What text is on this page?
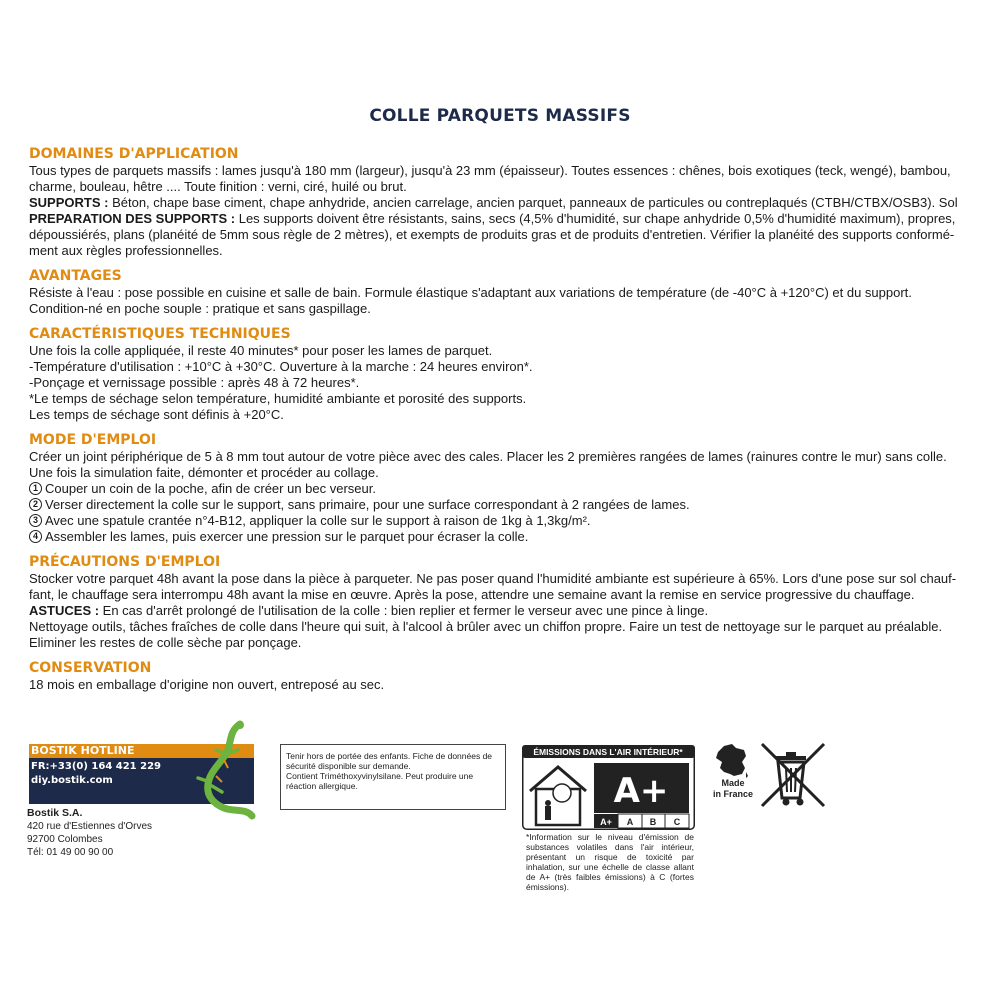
COLLE PARQUETS MASSIFS
DOMAINES D'APPLICATION

Tous types de parquets massifs : lames jusqu'à 180 mm (largeur), jusqu'à 23 mm (épaisseur). Toutes essences : chênes, bois exotiques (teck, wengé), bambou, charme, bouleau, hêtre .... Toute finition : verni, ciré, huilé ou brut.

SUPPORTS : Béton, chape base ciment, chape anhydride, ancien carrelage, ancien parquet, panneaux de particules ou contreplaqués (CTBH/CTBX/OSB3). Sol

PREPARATION DES SUPPORTS : Les supports doivent être résistants, sains, secs (4,5% d'humidité, sur chape anhydride 0,5% d'humidité maximum), propres, dépoussiérés, plans (planéité de 5mm sous règle de 2 mètres), et exempts de produits gras et de produits d'entretien. Vérifier la planéité des supports conformé-ment aux règles professionnelles.

AVANTAGES

Résiste à l'eau : pose possible en cuisine et salle de bain. Formule élastique s'adaptant aux variations de température (de -40°C à +120°C) et du support. Condition-né en poche souple : pratique et sans gaspillage.

CARACTÉRISTIQUES TECHNIQUES

Une fois la colle appliquée, il reste 40 minutes* pour poser les lames de parquet.

-Température d'utilisation : +10°C à +30°C. Ouverture à la marche : 24 heures environ*.

-Ponçage et vernissage possible : après 48 à 72 heures*.

*Le temps de séchage selon température, humidité ambiante et porosité des supports.

Les temps de séchage sont définis à +20°C.

MODE D'EMPLOI

Créer un joint périphérique de 5 à 8 mm tout autour de votre pièce avec des cales. Placer les 2 premières rangées de lames (rainures contre le mur) sans colle. Une fois la simulation faite, démonter et procéder au collage.

1 Couper un coin de la poche, afin de créer un bec verseur.
2 Verser directement la colle sur le support, sans primaire, pour une surface correspondant à 2 rangées de lames.
3 Avec une spatule crantée n°4-B12, appliquer la colle sur le support à raison de 1kg à 1,3kg/m².
4 Assembler les lames, puis exercer une pression sur le parquet pour écraser la colle.
PRÉCAUTIONS D'EMPLOI

Stocker votre parquet 48h avant la pose dans la pièce à parqueter. Ne pas poser quand l'humidité ambiante est supérieure à 65%. Lors d'une pose sur sol chauf-fant, le chauffage sera interrompu 48h avant la mise en œuvre. Après la pose, attendre une semaine avant la remise en service progressive du chauffage.

ASTUCES : En cas d'arrêt prolongé de l'utilisation de la colle : bien replier et fermer le verseur avec une pince à linge.

Nettoyage outils, tâches fraîches de colle dans l'heure qui suit, à l'alcool à brûler avec un chiffon propre. Faire un test de nettoyage sur le parquet au préalable.

Eliminer les restes de colle sèche par ponçage.

CONSERVATION

18 mois en emballage d'origine non ouvert, entreposé au sec.

BOSTIK HOTLINE
FR:+33(0) 164 421 229
diy.bostik.com
Bostik S.A.
420 rue d'Estiennes d'Orves
92700 Colombes
Tél: 01 49 00 90 00
Tenir hors de portée des enfants. Fiche de données de sécurité disponible sur demande.
Contient Triméthoxyvinylsilane. Peut produire une réaction allergique.
ÉMISSIONS DANS L'AIR INTÉRIEUR*
A+
A+ A B C
*Information sur le niveau d'émission de substances volatiles dans l'air intérieur, présentant un risque de toxicité par inhalation, sur une échelle de classe allant de A+ (très faibles émissions) à C (fortes émissions).
Made
in France
